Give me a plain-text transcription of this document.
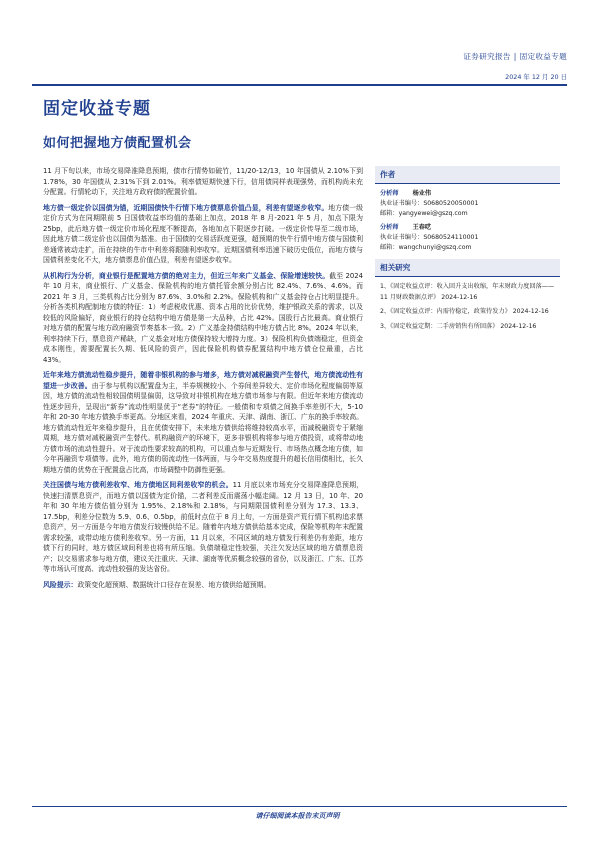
证券研究报告 | 固定收益专题
2024 年 12 月 20 日
固定收益专题
如何把握地方债配置机会

11 月下旬以来，市场交易降准降息预期，债市行情势如破竹，11/20-12/13，10 年国债从 2.10%下到 1.78%，30 年国债从 2.31%下到 2.01%。利率债短期快速下行，信用债同样表现强势，而机构尚未充分配置。行情轮动下，关注地方政府债的配置价值。

地方债一级定价以国债为锚，近期国债快牛行情下地方债票息价值凸显，利差有望逐步收窄。地方债一级定价方式为在同期限前 5 日国债收益率均值的基础上加点，2018 年 8 月-2021 年 5 月，加点下限为 25bp，此后地方债一级定价市场化程度不断提高，各地加点下限逐步打破。一级定价传导至二级市场，因此地方债二级定价也以国债为基准。由于国债的交易活跃度更强，超预期的快牛行情中地方债与国债利差通常被动走扩，而在持续的牛市中利差将跟随利率收窄。近期国债利率迅速下破历史低位，而地方债与国债利差变化不大，地方债票息价值凸显，利差有望逐步收窄。

从机构行为分析，商业银行是配置地方债的绝对主力，但近三年来广义基金、保险增速较快。截至 2024 年 10 月末，商业银行、广义基金、保险机构的地方债托管余额分别占比 82.4%、7.6%、4.6%。而 2021 年 3 月，三类机构占比分别为 87.6%、3.0%和 2.2%。保险机构和广义基金持仓占比明显提升。分析各类机构配制地方债的特征：1）考虑税收优惠、资本占用的比价优势，维护银政关系的需求，以及较低的风险偏好，商业银行的持仓结构中地方债是第一大品种，占比 42%。国股行占比最高。商业银行对地方债的配置与地方政府融资节奏基本一致。2）广义基金持债结构中地方债占比 8%。2024 年以来，利率持续下行，票息资产稀缺，广义基金对地方债保持较大增持力度。3）保险机构负债端稳定，但资金成本刚性，需要配置长久期、低风险的资产，因此保险机构债券配置结构中地方债仓位最重，占比 43%。

近年来地方债流动性稳步提升，随着非银机构的参与增多，地方债对减税融资产生替代，地方债流动性有望进一步改善。由于参与机构以配置盘为主，半券规模较小、个券间差异较大、定价市场化程度偏弱等原因，地方债的流动性相较国债明显偏弱，这导致对非银机构在地方债市场参与有限。但近年来地方债流动性逐步回升，呈现出“新券”流动性明显优于“老券”的特征。一般债和专项债之间换手率差别不大，5-10 年和 20-30 年地方债换手率更高。分地区来看，2024 年重庆、天津、湖南、浙江、广东的换手率较高。地方债流动性近年来稳步提升，且在优债安排下，未来地方债供给将维持较高水平，而减税融资专于紧缩周期，地方债对减税融资产生替代。机构融资产的环境下，更多非银机构将参与地方债投资，或将带动地方债市场的流动性提升。对于流动性要求较高的机构，可以重点参与近期发行、市场热点概念地方债，如今年再融资专项债等。此外，地方债的弱流动性一体两面，与今年交易热度提升的超长信用债相比，长久期地方债的优势在于配置盘占比高，市场调整中防御性更强。

关注国债与地方债利差收窄、地方债地区间利差收窄的机会。11 月底以来市场充分交易降准降息预期，快速扫清票息资产，而地方债以国债为定价锚，二者利差反而震荡小幅走阔。12 月 13 日，10 年、20 年和 30 年地方债估值分别为 1.95%、2.18%和 2.18%，与同期限国债利差分别为 17.3、13.3、17.5bp，利差分位数为 5.9、0.6、0.5bp，前低时点位于 8 月上旬，一方面是资产荒行情下机构追求票息资产，另一方面是今年地方债发行较慢供给不足。随着年内地方债供给基本完成，保险等机构年末配置需求较强，或带动地方债利差收窄。另一方面，11 月以来，不同区域的地方债发行利差仍有差距，地方债下行的同时，地方债区域间利差也将有所压缩。负债端稳定性较强，关注欠发达区域的地方债票息资产；以交易需求参与地方债，建议关注重庆、天津、湖南等优质概念较强的省份，以及浙江、广东、江苏等市场认可度高、流动性较强的发达省份。

风险提示：政策变化超预期、数据统计口径存在误差、地方债供给超预期。

作者
分析师 杨业伟
执业证书编号：S0680520050001
邮箱：yangyewei@gszq.com
分析师 王春呓
执业证书编号：S0680524110001
邮箱：wangchunyi@gszq.com
相关研究
1、《固定收益点评：收入回升支出收缩，年末财政力度回落——11 月财政数据点评》 2024-12-16
2、《固定收益点评：内需待稳定，政策待发力》 2024-12-16
3、《固定收益定期：二手房销售有所回落》 2024-12-16
请仔细阅读本报告末页声明
